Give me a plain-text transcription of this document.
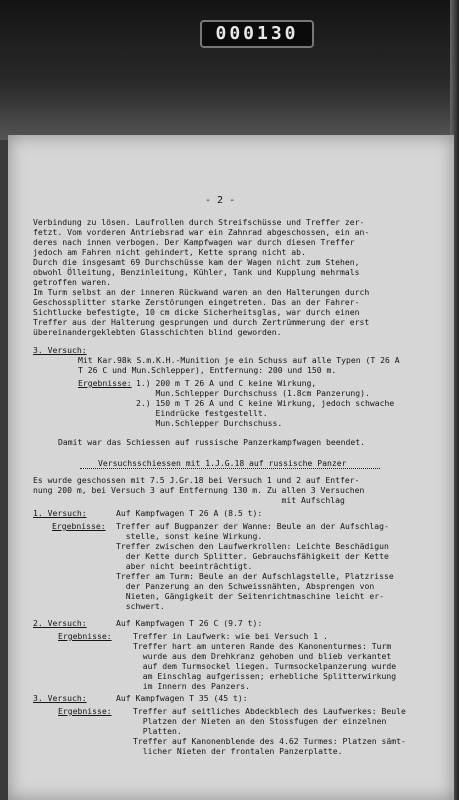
000130
- 2 -
Verbindung zu lösen. Laufrollen durch Streifschüsse und Treffer zer-
fetzt. Vom vorderen Antriebsrad war ein Zahnrad abgeschossen, ein an-
deres nach innen verbogen. Der Kampfwagen war durch diesen Treffer
jedoch am Fahren nicht gehindert, Kette sprang nicht ab.
Durch die insgesamt 69 Durchschüsse kam der Wagen nicht zum Stehen,
obwohl Ölleitung, Benzinleitung, Kühler, Tank und Kupplung mehrmals
getroffen waren.
Im Turm selbst an der inneren Rückwand waren an den Halterungen durch
Geschossplitter starke Zerstörungen eingetreten. Das an der Fahrer-
Sichtlucke befestigte, 10 cm dicke Sicherheitsglas, war durch einen
Treffer aus der Halterung gesprungen und durch Zertrümmerung der erst
übereinandergeklebten Glasschichten blind geworden.
3. Versuch:
Mit Kar.98k S.m.K.H.-Munition je ein Schuss auf alle Typen (T 26 A
T 26 C und Mun.Schlepper), Entfernung: 200 und 150 m.
Ergebnisse: 1.) 200 m T 26 A und C keine Wirkung,
Mun.Schlepper Durchschuss (1.8cm Panzerung).
2.) 150 m T 26 A und C keine Wirkung, jedoch schwache
Eindrücke festgestellt.
Mun.Schlepper Durchschuss.
Damit war das Schiessen auf russische Panzerkampfwagen beendet.
Versuchsschiessen mit 1.J.G.18 auf russische Panzer
Es wurde geschossen mit 7.5 J.Gr.18 bei Versuch 1 und 2 auf Entfer-
nung 200 m, bei Versuch 3 auf Entfernung 130 m. Zu allen 3 Versuchen
mit Aufschlag
1. Versuch:	Auf Kampfwagen T 26 A (8.5 t):
Ergebnisse: Treffer auf Bugpanzer der Wanne: Beule an der Aufschlag-
stelle, sonst keine Wirkung.
Treffer zwischen den Laufwerkrollen: Leichte Beschädigun
der Kette durch Splitter. Gebrauchsfähigkeit der Kette
aber nicht beeinträchtigt.
Treffer am Turm: Beule an der Aufschlagstelle, Platzrisse
der Panzerung an den Schweissnähten, Absprengen von
Nieten, Gängigkeit der Seitenrichtmaschine leicht er-
schwert.
2. Versuch:	Auf Kampfwagen T 26 C (9.7 t):
Ergebnisse:	Treffer in Laufwerk: wie bei Versuch 1 .
Treffer hart am unteren Rande des Kanonenturmes: Turm
wurde aus dem Drehkranz gehoben und blieb verkantet
auf dem Turmsockel liegen. Turmsockelpanzerung wurde
am Einschlag aufgerissen; erhebliche Splitterwirkung
im Innern des Panzers.
3. Versuch:	Auf Kampfwagen T 35 (45 t):
Ergebnisse:	Treffer auf seitliches Abdeckblech des Laufwerkes: Beule
Platzen der Nieten an den Stossfugen der einzelnen
Platten.
Treffer auf Kanonenblende des 4.62 Turmes: Platzen sämt-
licher Nieten der frontalen Panzerplatte.
